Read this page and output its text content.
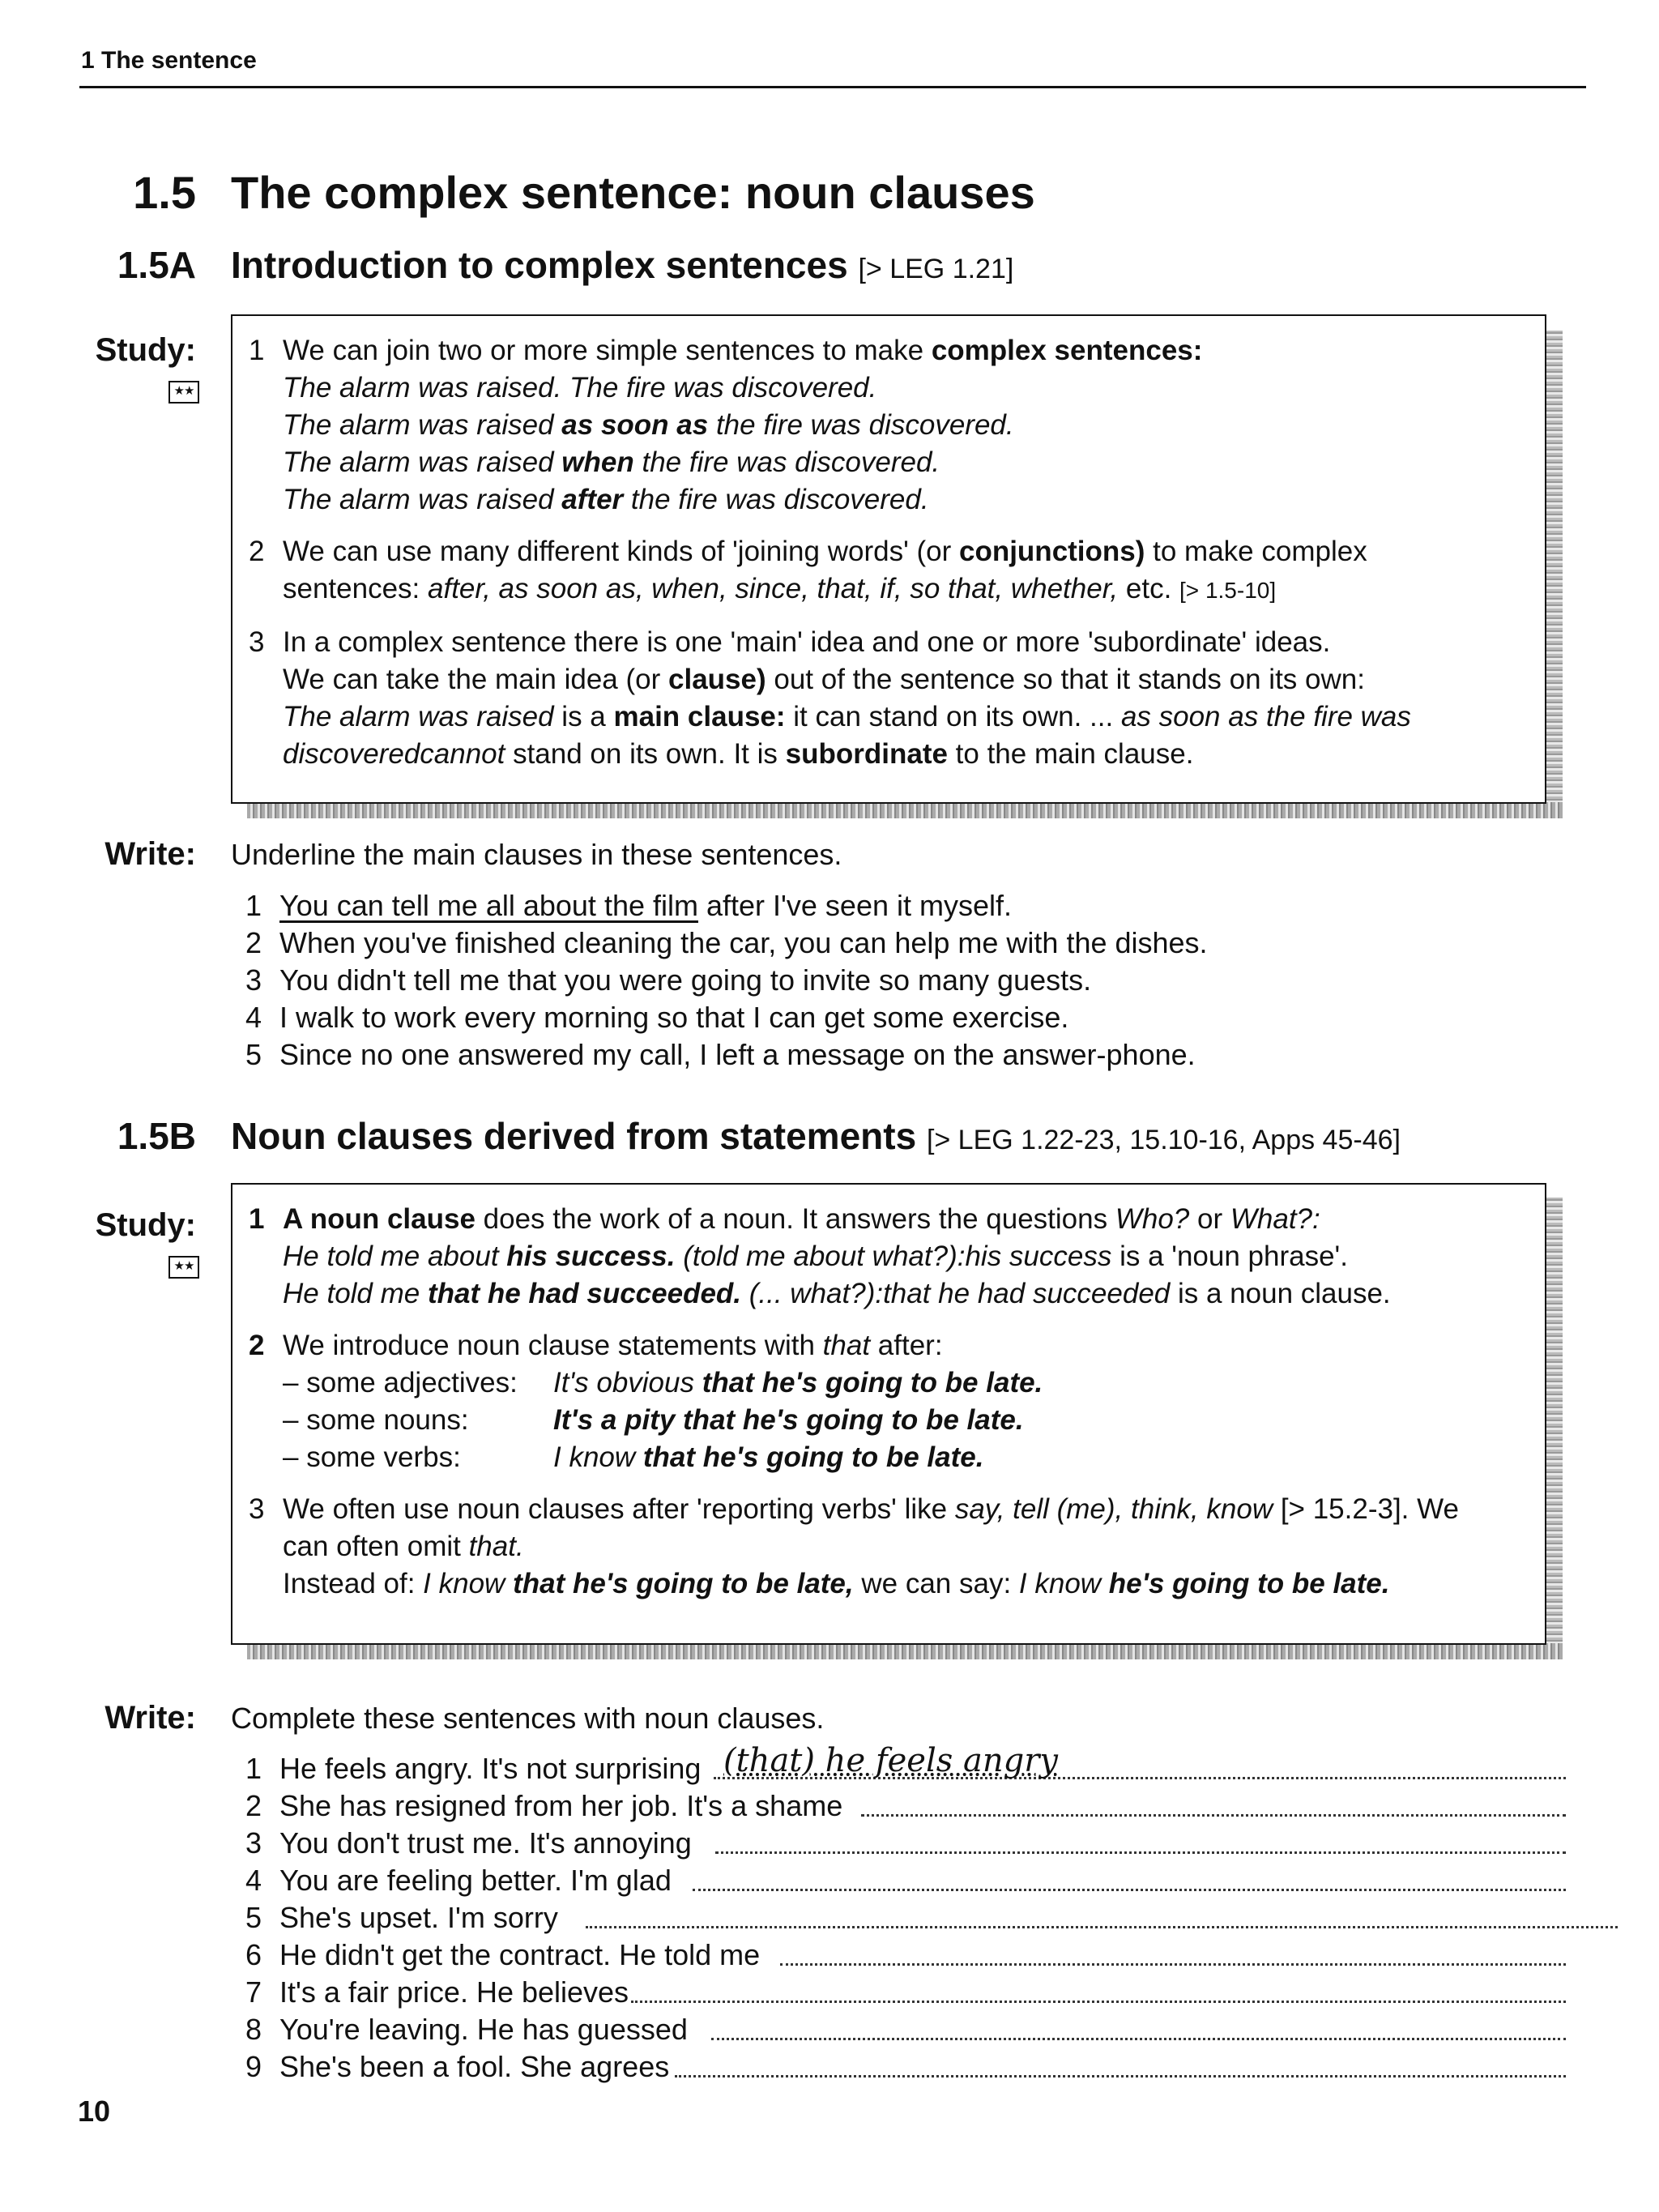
1 The sentence
1.5 The complex sentence: noun clauses
1.5A Introduction to complex sentences [> LEG 1.21]
Study:
★★
1 We can join two or more simple sentences to make complex sentences:

The alarm was raised. The fire was discovered.

The alarm was raised as soon as the fire was discovered.

The alarm was raised when the fire was discovered.

The alarm was raised after the fire was discovered.

2 We can use many different kinds of 'joining words' (or conjunctions) to make complex

sentences: after, as soon as, when, since, that, if, so that, whether, etc. [> 1.5-10]

3 In a complex sentence there is one 'main' idea and one or more 'subordinate' ideas.

We can take the main idea (or clause) out of the sentence so that it stands on its own:

The alarm was raised is a main clause: it can stand on its own. ... as soon as the fire was

discoveredcannot stand on its own. It is subordinate to the main clause.

Write: Underline the main clauses in these sentences.
1 You can tell me all about the film after I've seen it myself.
2 When you've finished cleaning the car, you can help me with the dishes.
3 You didn't tell me that you were going to invite so many guests.
4 I walk to work every morning so that I can get some exercise.
5 Since no one answered my call, I left a message on the answer-phone.
1.5B Noun clauses derived from statements [> LEG 1.22-23, 15.10-16, Apps 45-46]
Study:
★★
1 A noun clause does the work of a noun. It answers the questions Who? or What?:

He told me about his success. (told me about what?):his success is a 'noun phrase'.

He told me that he had succeeded. (... what?):that he had succeeded is a noun clause.

2 We introduce noun clause statements with that after:

– some adjectives: It's obvious that he's going to be late.

– some nouns:	It's a pity that he's going to be late.

– some verbs:	I know that he's going to be late.

3 We often use noun clauses after 'reporting verbs' like say, tell (me), think, know [> 15.2-3]. We

can often omit that.

Instead of: I know that he's going to be late, we can say: I know he's going to be late.

Write: Complete these sentences with noun clauses.
1 He feels angry. It's not surprising (that) he feels angry
2 She has resigned from her job. It's a shame
3 You don't trust me. It's annoying
4 You are feeling better. I'm glad
5 She's upset. I'm sorry
6 He didn't get the contract. He told me
7 It's a fair price. He believes
8 You're leaving. He has guessed
9 She's been a fool. She agrees
10
